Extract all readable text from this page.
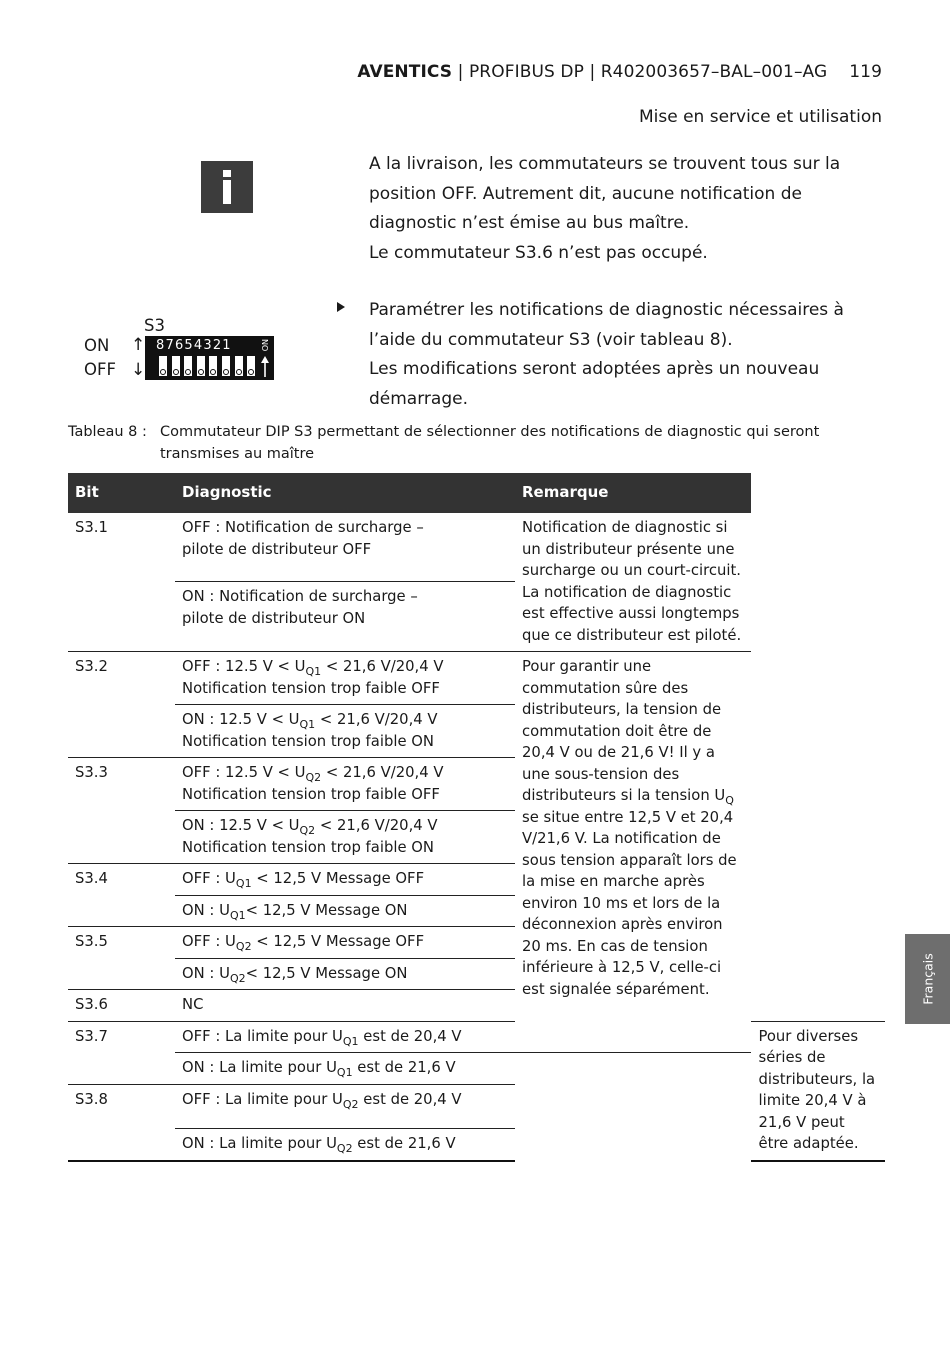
AVENTICS | PROFIBUS DP | R402003657–BAL–001–AG 119
Mise en service et utilisation
A la livraison, les commutateurs se trouvent tous sur la
position OFF. Autrement dit, aucune notification de
diagnostic n’est émise au bus maître.
Le commutateur S3.6 n’est pas occupé.
S3
ON
OFF
↑
↓
87654321	ON
Paramétrer les notifications de diagnostic nécessaires à
l’aide du commutateur S3 (voir tableau 8).
Les modifications seront adoptées après un nouveau
démarrage.
Tableau 8 : Commutateur DIP S3 permettant de sélectionner des notifications de diagnostic qui seront transmises au maître
Bit	Diagnostic	Remarque	
S3.1	OFF : Notification de surcharge –
pilote de distributeur OFF	Notification de diagnostic si un distributeur présente une surcharge ou un court-circuit. La notification de diagnostic est effective aussi longtemps que ce distributeur est piloté.	

	ON : Notification de surcharge –
pilote de distributeur ON		

S3.2	OFF : 12.5 $V < U_{Q1} < 21,6$ V/20,4 V
Notification tension trop faible OFF	Pour garantir une commutation sûre des distributeurs, la tension de commutation doit être de 20,4 V ou de 21,6 V! Il y a une sous-tension des distributeurs si la tension $U_Q$ se situe entre 12,5 V et 20,4 V/21,6 V. La notification de sous tension apparaît lors de la mise en marche après environ 10 ms et lors de la déconnexion après environ 20 ms. En cas de tension inférieure à 12,5 V, celle-ci est signalée séparément.	

	ON : 12.5 $V < U_{Q1} < 21,6$ V/20,4 V
Notification tension trop faible ON		

S3.3	OFF : 12.5 $V < U_{Q2} < 21,6$ V/20,4 V
Notification tension trop faible OFF		

	ON : 12.5 $V < U_{Q2} < 21,6$ V/20,4 V
Notification tension trop faible ON		

S3.4	OFF : $U_{Q1} < 12,5$ V Message OFF		
	ON : $U_{Q1}< 12,5$ V Message ON		
S3.5	OFF : $U_{Q2} < 12,5$ V Message OFF		
	ON : $U_{Q2}< 12,5$ V Message ON		
S3.6	NC		
S3.7	OFF : La limite pour $U_{Q1}$ est de 20,4 V		Pour diverses séries de distributeurs, la limite 20,4 V à 21,6 V peut être adaptée.
	ON : La limite pour $U_{Q1}$ est de 21,6 V		
S3.8	OFF : La limite pour $U_{Q2}$ est de 20,4 V		
	ON : La limite pour $U_{Q2}$ est de 21,6 V		
Français
